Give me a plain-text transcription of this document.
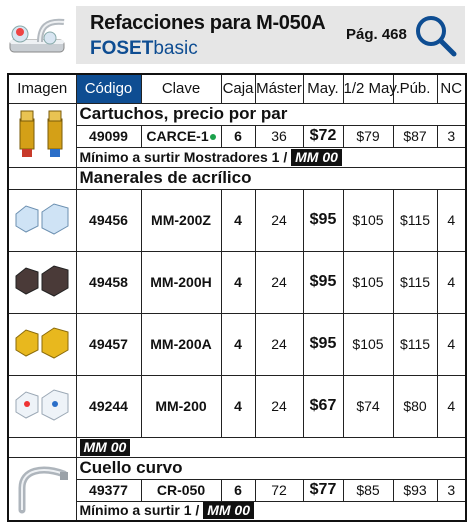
Refacciones para M-050A
FOSETbasic
Pág. 468
Imagen	Código	Clave	Caja	Máster	May.	1/2 May.	Púb.	NC
	Cartuchos, precio por par							
	49099	CARCE-1	6	36	$72	$79	$87	3
	Mínimo a surtir Mostradores 1 / MM 00							
	Manerales de acrílico							
	49456	MM-200Z	4	24	$95	$105	$115	4
	49458	MM-200H	4	24	$95	$105	$115	4
	49457	MM-200A	4	24	$95	$105	$115	4
	49244	MM-200	4	24	$67	$74	$80	4
	MM 00							
	Cuello curvo							
	49377	CR-050	6	72	$77	$85	$93	3
	Mínimo a surtir 1 / MM 00							
